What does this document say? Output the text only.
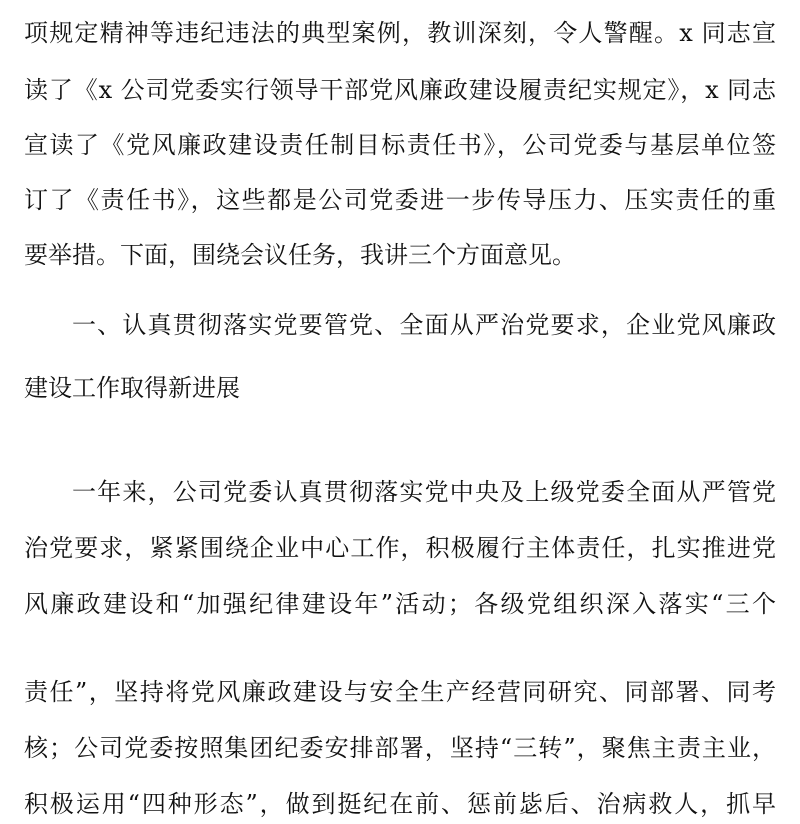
项规定精神等违纪违法的典型案例，教训深刻，令人警醒。x 同志宣
读了《x 公司党委实行领导干部党风廉政建设履责纪实规定》，x 同志
宣读了《党风廉政建设责任制目标责任书》，公司党委与基层单位签
订了《责任书》，这些都是公司党委进一步传导压力、压实责任的重
要举措。下面，围绕会议任务，我讲三个方面意见。
一、认真贯彻落实党要管党、全面从严治党要求，企业党风廉政
建设工作取得新进展
一年来，公司党委认真贯彻落实党中央及上级党委全面从严管党
治党要求，紧紧围绕企业中心工作，积极履行主体责任，扎实推进党
风廉政建设和“加强纪律建设年”活动；各级党组织深入落实“三个
责任”，坚持将党风廉政建设与安全生产经营同研究、同部署、同考
核；公司党委按照集团纪委安排部署，坚持“三转”，聚焦主责主业，
积极运用“四种形态”，做到挺纪在前、惩前毖后、治病救人，抓早
